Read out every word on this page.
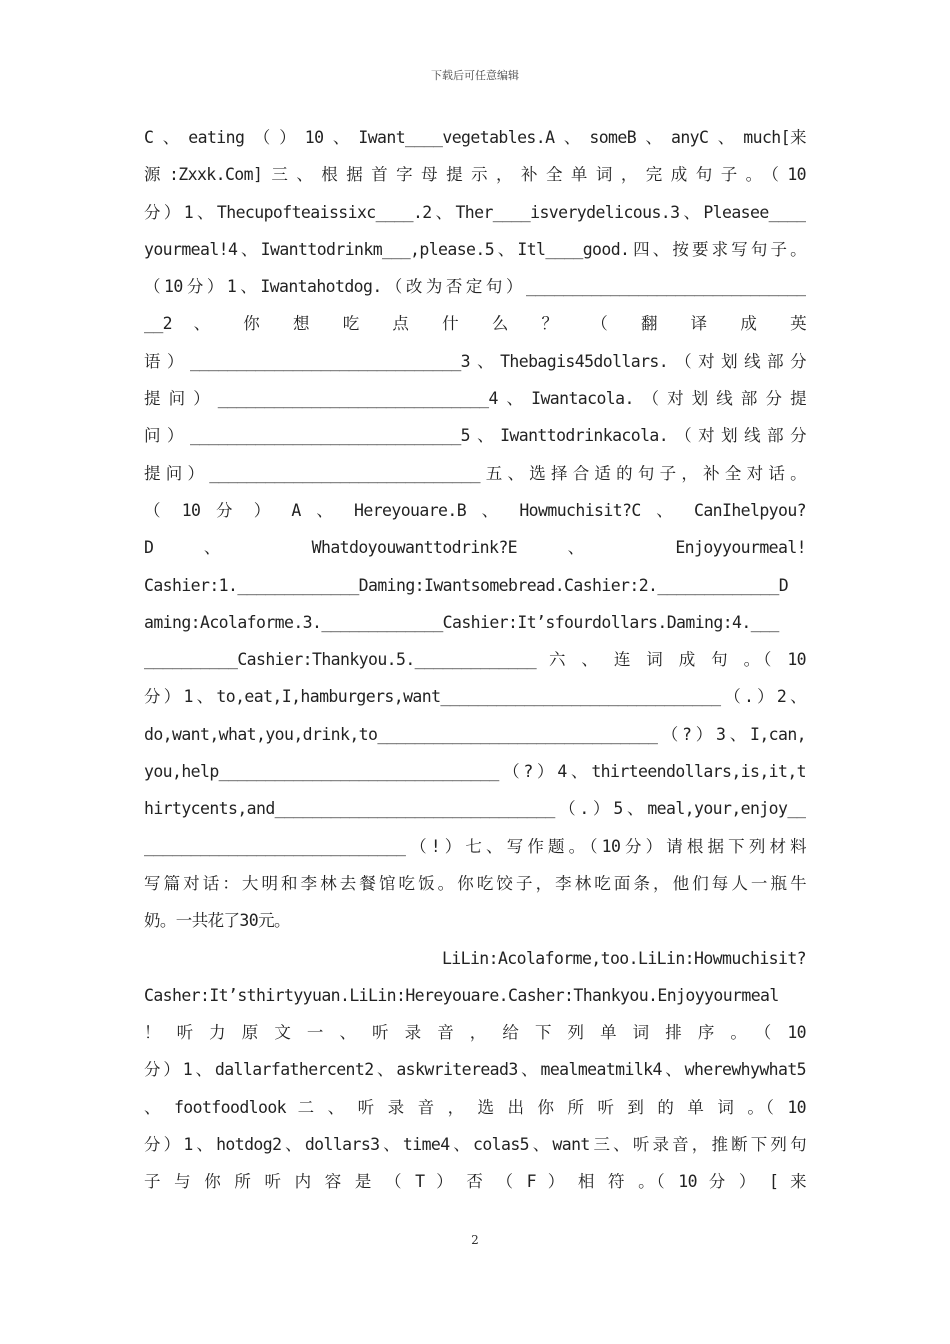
下载后可任意编辑
C 、 eating （ ） 10 、 Iwant____vegetables.A 、 someB 、 anyC 、 much[来
源:Zxxk.Com]三、根据首字母提示，补全单词，完成句子。（10
分）1、Thecupofteaissixc____.2、Ther____isverydelicous.3、Pleasee____
yourmeal!4、Iwanttodrinkm___,please.5、Itl____good.四、按要求写句子。
（10分）1、Iwantahotdog.（改为否定句）______________________________
__2 、 你 想 吃 点 什 么 ？ （ 翻 译 成 英
语）_____________________________3、Thebagis45dollars.（对划线部分
提问）_____________________________4、Iwantacola.（对划线部分提
问）_____________________________5、Iwanttodrinkacola.（对划线部分
提问）_____________________________五、选择合适的句子，补全对话。
（ 10 分 ） A 、 Hereyouare.B 、 Howmuchisit?C 、 CanIhelpyou?
D 、 Whatdoyouwanttodrink?E 、 Enjoyyourmeal!
Cashier:1._____________Daming:Iwantsomebread.Cashier:2._____________D
aming:Acolaforme.3._____________Cashier:It’sfourdollars.Daming:4.___
__________Cashier:Thankyou.5._____________ 六 、 连 词 成 句 。（ 10
分）1、to,eat,I,hamburgers,want______________________________（.）2、
do,want,what,you,drink,to______________________________（?）3、I,can,
you,help______________________________（?）4、thirteendollars,is,it,t
hirtycents,and______________________________（.）5、meal,your,enjoy__
____________________________（!）七、写作题。（10分）请根据下列材料
写篇对话：大明和李林去餐馆吃饭。你吃饺子，李林吃面条，他们每人一瓶牛
奶。一共花了30元。
LiLin:Acolaforme,too.LiLin:Howmuchisit?
Casher:It’sthirtyyuan.LiLin:Hereyouare.Casher:Thankyou.Enjoyyourmeal
！听力原文一、听录音，给下列单词排序。（10
分）1、dallarfathercent2、askwriteread3、mealmeatmilk4、wherewhywhat5
、 footfoodlook 二 、 听 录 音 ， 选 出 你 所 听 到 的 单 词 。（ 10
分）1、hotdog2、dollars3、time4、colas5、want三、听录音，推断下列句
子 与 你 所 听 内 容 是 （ T ） 否 （ F ） 相 符 。（ 10 分 ） [ 来
2
